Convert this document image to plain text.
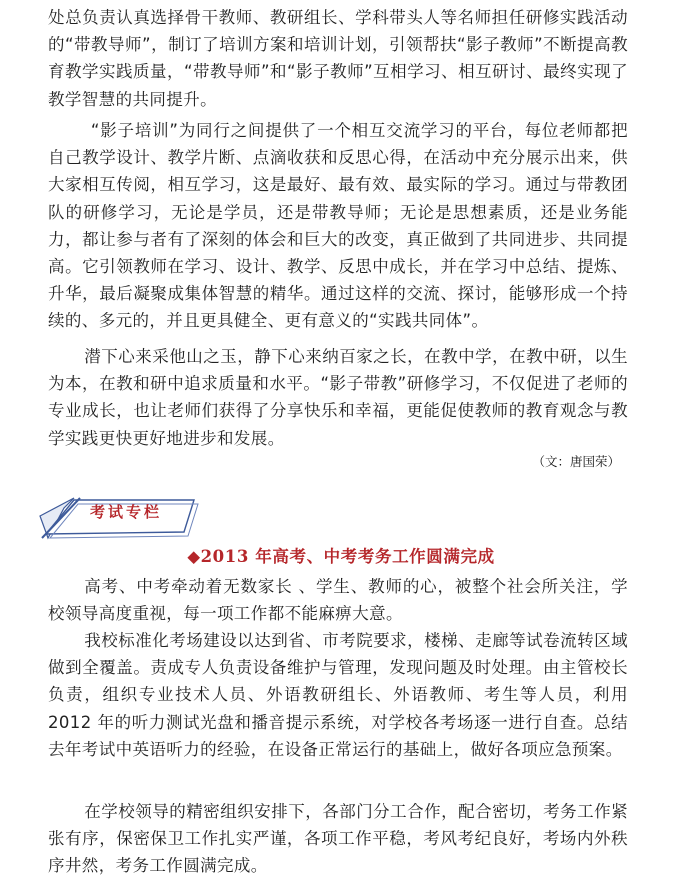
处总负责认真选择骨干教师、教研组长、学科带头人等名师担任研修实践活动的“带教导师”，制订了培训方案和培训计划，引领帮扶“影子教师”不断提高教育教学实践质量，“带教导师”和“影子教师”互相学习、相互研讨、最终实现了教学智慧的共同提升。

“影子培训”为同行之间提供了一个相互交流学习的平台，每位老师都把自己教学设计、教学片断、点滴收获和反思心得，在活动中充分展示出来，供大家相互传阅，相互学习，这是最好、最有效、最实际的学习。通过与带教团队的研修学习，无论是学员，还是带教导师；无论是思想素质，还是业务能力，都让参与者有了深刻的体会和巨大的改变，真正做到了共同进步、共同提高。它引领教师在学习、设计、教学、反思中成长，并在学习中总结、提炼、升华，最后凝聚成集体智慧的精华。通过这样的交流、探讨，能够形成一个持续的、多元的，并且更具健全、更有意义的“实践共同体”。

潜下心来采他山之玉，静下心来纳百家之长，在教中学，在教中研，以生为本，在教和研中追求质量和水平。“影子带教”研修学习，不仅促进了老师的专业成长，也让老师们获得了分享快乐和幸福，更能促使教师的教育观念与教学实践更快更好地进步和发展。

（文：唐国荣）
考试专栏
◆2013 年高考、中考考务工作圆满完成

高考、中考牵动着无数家长 、学生、教师的心，被整个社会所关注，学校领导高度重视，每一项工作都不能麻痹大意。

我校标准化考场建设以达到省、市考院要求，楼梯、走廊等试卷流转区域做到全覆盖。责成专人负责设备维护与管理，发现问题及时处理。由主管校长负责，组织专业技术人员、外语教研组长、外语教师、考生等人员，利用 2012 年的听力测试光盘和播音提示系统，对学校各考场逐一进行自查。总结去年考试中英语听力的经验，在设备正常运行的基础上，做好各项应急预案。

在学校领导的精密组织安排下，各部门分工合作，配合密切，考务工作紧张有序，保密保卫工作扎实严谨，各项工作平稳，考风考纪良好，考场内外秩序井然，考务工作圆满完成。
